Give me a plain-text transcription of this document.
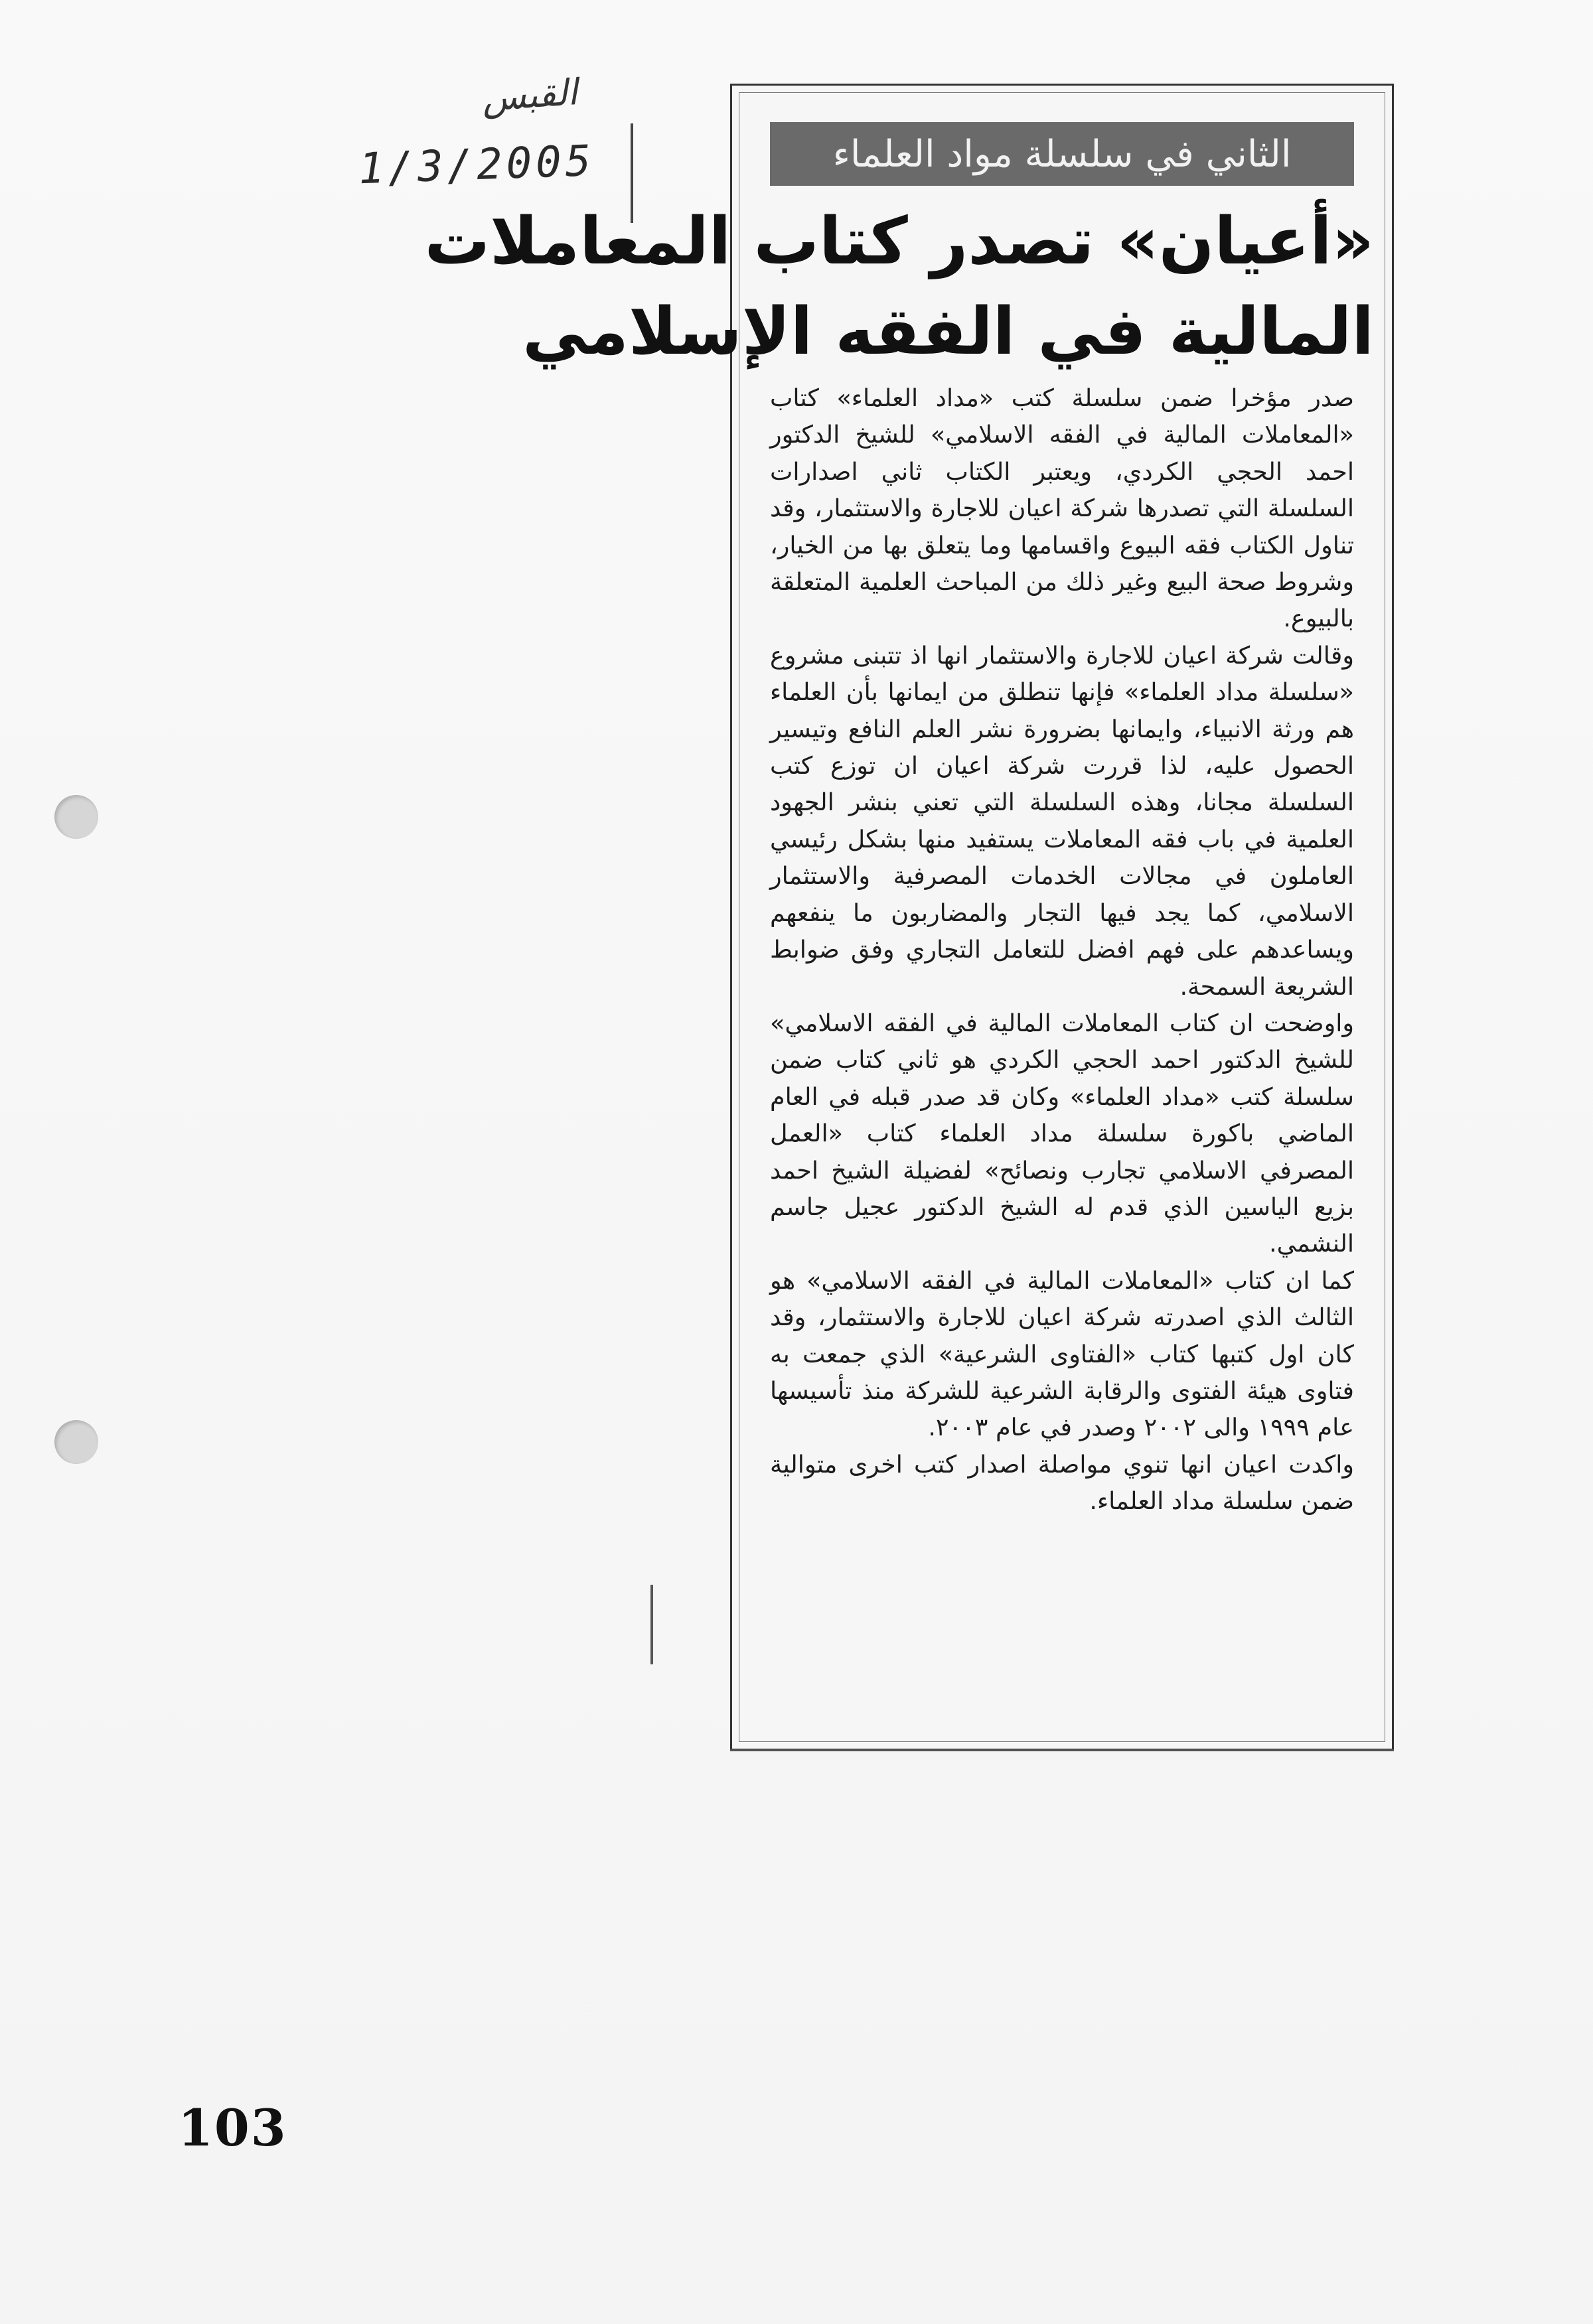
القبس
1/3/2005	الثاني في سلسلة مواد العلماء
«أعيان» تصدر كتاب المعاملات
المالية في الفقه الإسلامي

صدر مؤخرا ضمن سلسلة كتب «مداد العلماء» كتاب «المعاملات المالية في الفقه الاسلامي» للشيخ الدكتور احمد الحجي الكردي، ويعتبر الكتاب ثاني اصدارات السلسلة التي تصدرها شركة اعيان للاجارة والاستثمار، وقد تناول الكتاب فقه البيوع واقسامها وما يتعلق بها من الخيار، وشروط صحة البيع وغير ذلك من المباحث العلمية المتعلقة بالبيوع.

وقالت شركة اعيان للاجارة والاستثمار انها اذ تتبنى مشروع «سلسلة مداد العلماء» فإنها تنطلق من ايمانها بأن العلماء هم ورثة الانبياء، وايمانها بضرورة نشر العلم النافع وتيسير الحصول عليه، لذا قررت شركة اعيان ان توزع كتب السلسلة مجانا، وهذه السلسلة التي تعني بنشر الجهود العلمية في باب فقه المعاملات يستفيد منها بشكل رئيسي العاملون في مجالات الخدمات المصرفية والاستثمار الاسلامي، كما يجد فيها التجار والمضاربون ما ينفعهم ويساعدهم على فهم افضل للتعامل التجاري وفق ضوابط الشريعة السمحة.

واوضحت ان كتاب المعاملات المالية في الفقه الاسلامي» للشيخ الدكتور احمد الحجي الكردي هو ثاني كتاب ضمن سلسلة كتب «مداد العلماء» وكان قد صدر قبله في العام الماضي باكورة سلسلة مداد العلماء كتاب «العمل المصرفي الاسلامي تجارب ونصائح» لفضيلة الشيخ احمد بزيع الياسين الذي قدم له الشيخ الدكتور عجيل جاسم النشمي.

كما ان كتاب «المعاملات المالية في الفقه الاسلامي» هو الثالث الذي اصدرته شركة اعيان للاجارة والاستثمار، وقد كان اول كتبها كتاب «الفتاوى الشرعية» الذي جمعت به فتاوى هيئة الفتوى والرقابة الشرعية للشركة منذ تأسيسها عام ١٩٩٩ والى ٢٠٠٢ وصدر في عام ٢٠٠٣.

واكدت اعيان انها تنوي مواصلة اصدار كتب اخرى متوالية ضمن سلسلة مداد العلماء.

103
